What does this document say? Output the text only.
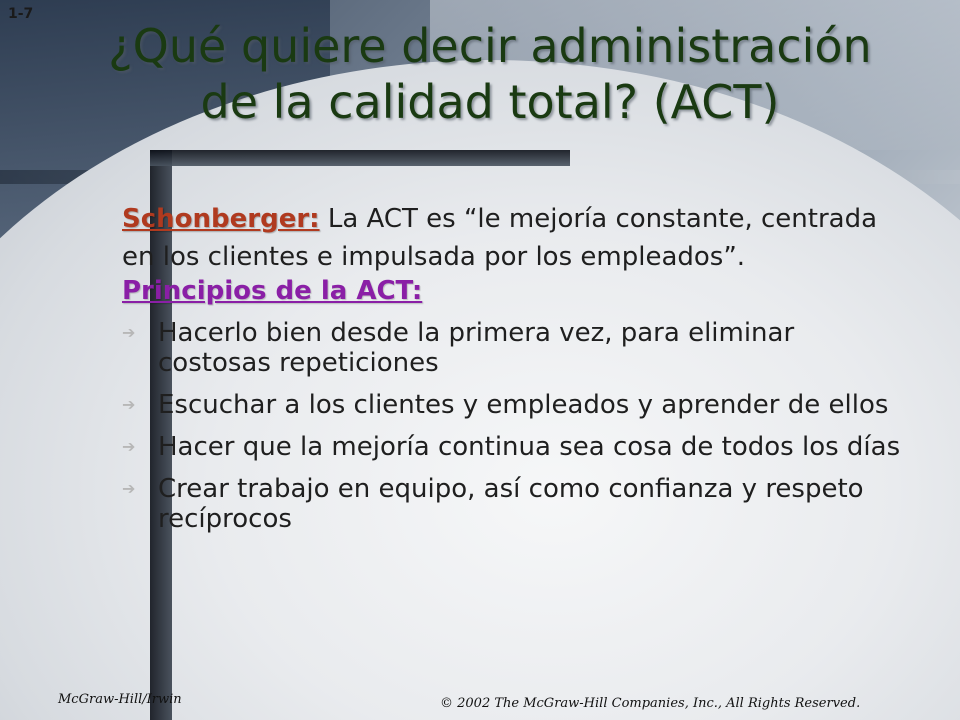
1-7
¿Qué quiere decir administración
de la calidad total? (ACT)
Schonberger: La ACT es “le mejoría constante, centrada en los clientes e impulsada por los empleados”.
Principios de la ACT:
➔ Hacerlo bien desde la primera vez, para eliminar costosas repeticiones
➔ Escuchar a los clientes y empleados y aprender de ellos
➔ Hacer que la mejoría continua sea cosa de todos los días
➔ Crear trabajo en equipo, así como confianza y respeto recíprocos
McGraw-Hill/Irwin	© 2002 The McGraw-Hill Companies, Inc., All Rights Reserved.
